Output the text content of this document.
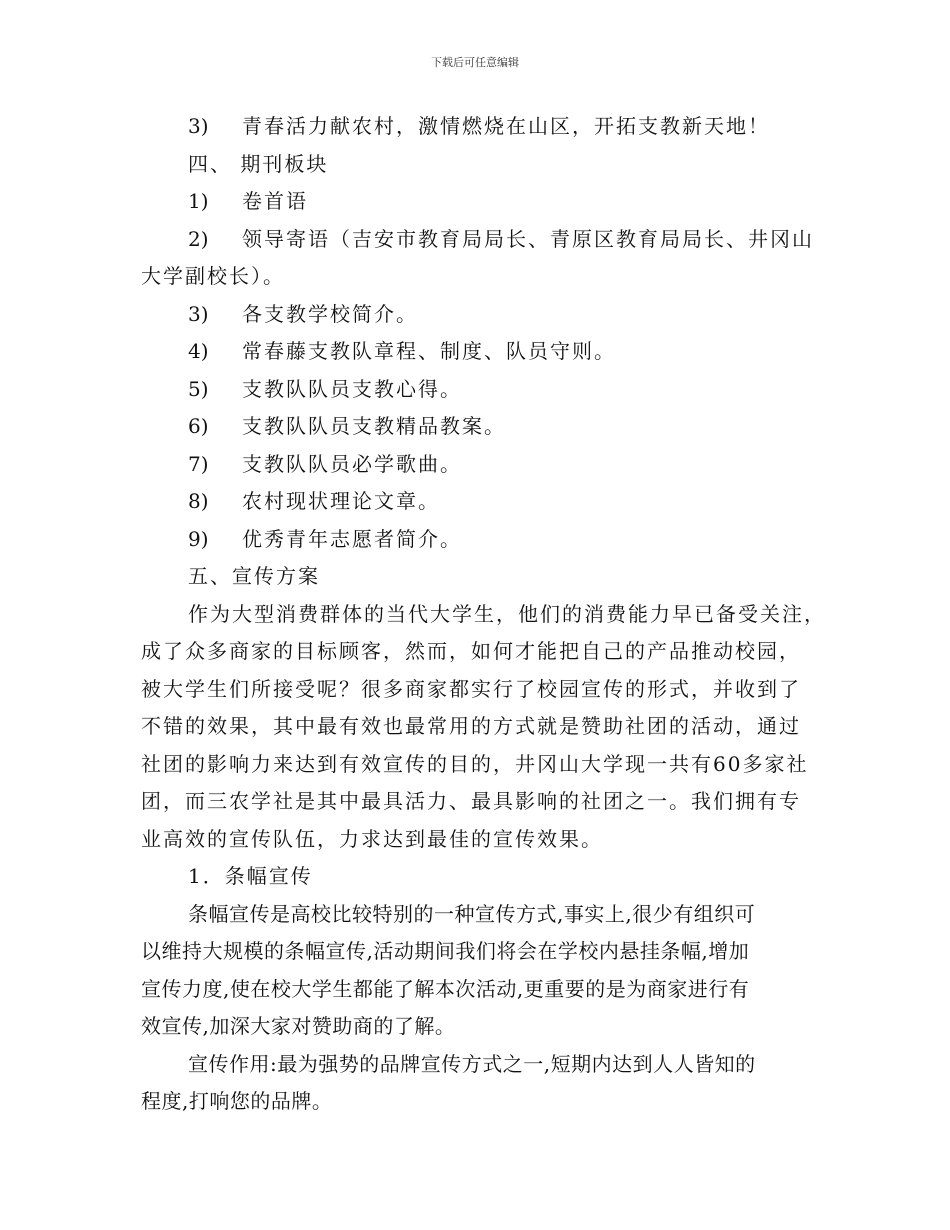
下载后可任意编辑
3) 青春活力献农村，激情燃烧在山区，开拓支教新天地！
四、 期刊板块
1) 卷首语
2) 领导寄语（吉安市教育局局长、青原区教育局局长、井冈山
大学副校长）。
3) 各支教学校简介。
4) 常春藤支教队章程、制度、队员守则。
5) 支教队队员支教心得。
6) 支教队队员支教精品教案。
7) 支教队队员必学歌曲。
8) 农村现状理论文章。
9) 优秀青年志愿者简介。
五、宣传方案
作为大型消费群体的当代大学生，他们的消费能力早已备受关注，
成了众多商家的目标顾客，然而，如何才能把自己的产品推动校园，
被大学生们所接受呢？很多商家都实行了校园宣传的形式，并收到了
不错的效果，其中最有效也最常用的方式就是赞助社团的活动，通过
社团的影响力来达到有效宣传的目的，井冈山大学现一共有60多家社
团，而三农学社是其中最具活力、最具影响的社团之一。我们拥有专
业高效的宣传队伍，力求达到最佳的宣传效果。
1．条幅宣传
条幅宣传是高校比较特别的一种宣传方式,事实上,很少有组织可
以维持大规模的条幅宣传,活动期间我们将会在学校内悬挂条幅,增加
宣传力度,使在校大学生都能了解本次活动,更重要的是为商家进行有
效宣传,加深大家对赞助商的了解。
宣传作用:最为强势的品牌宣传方式之一,短期内达到人人皆知的
程度,打响您的品牌。
